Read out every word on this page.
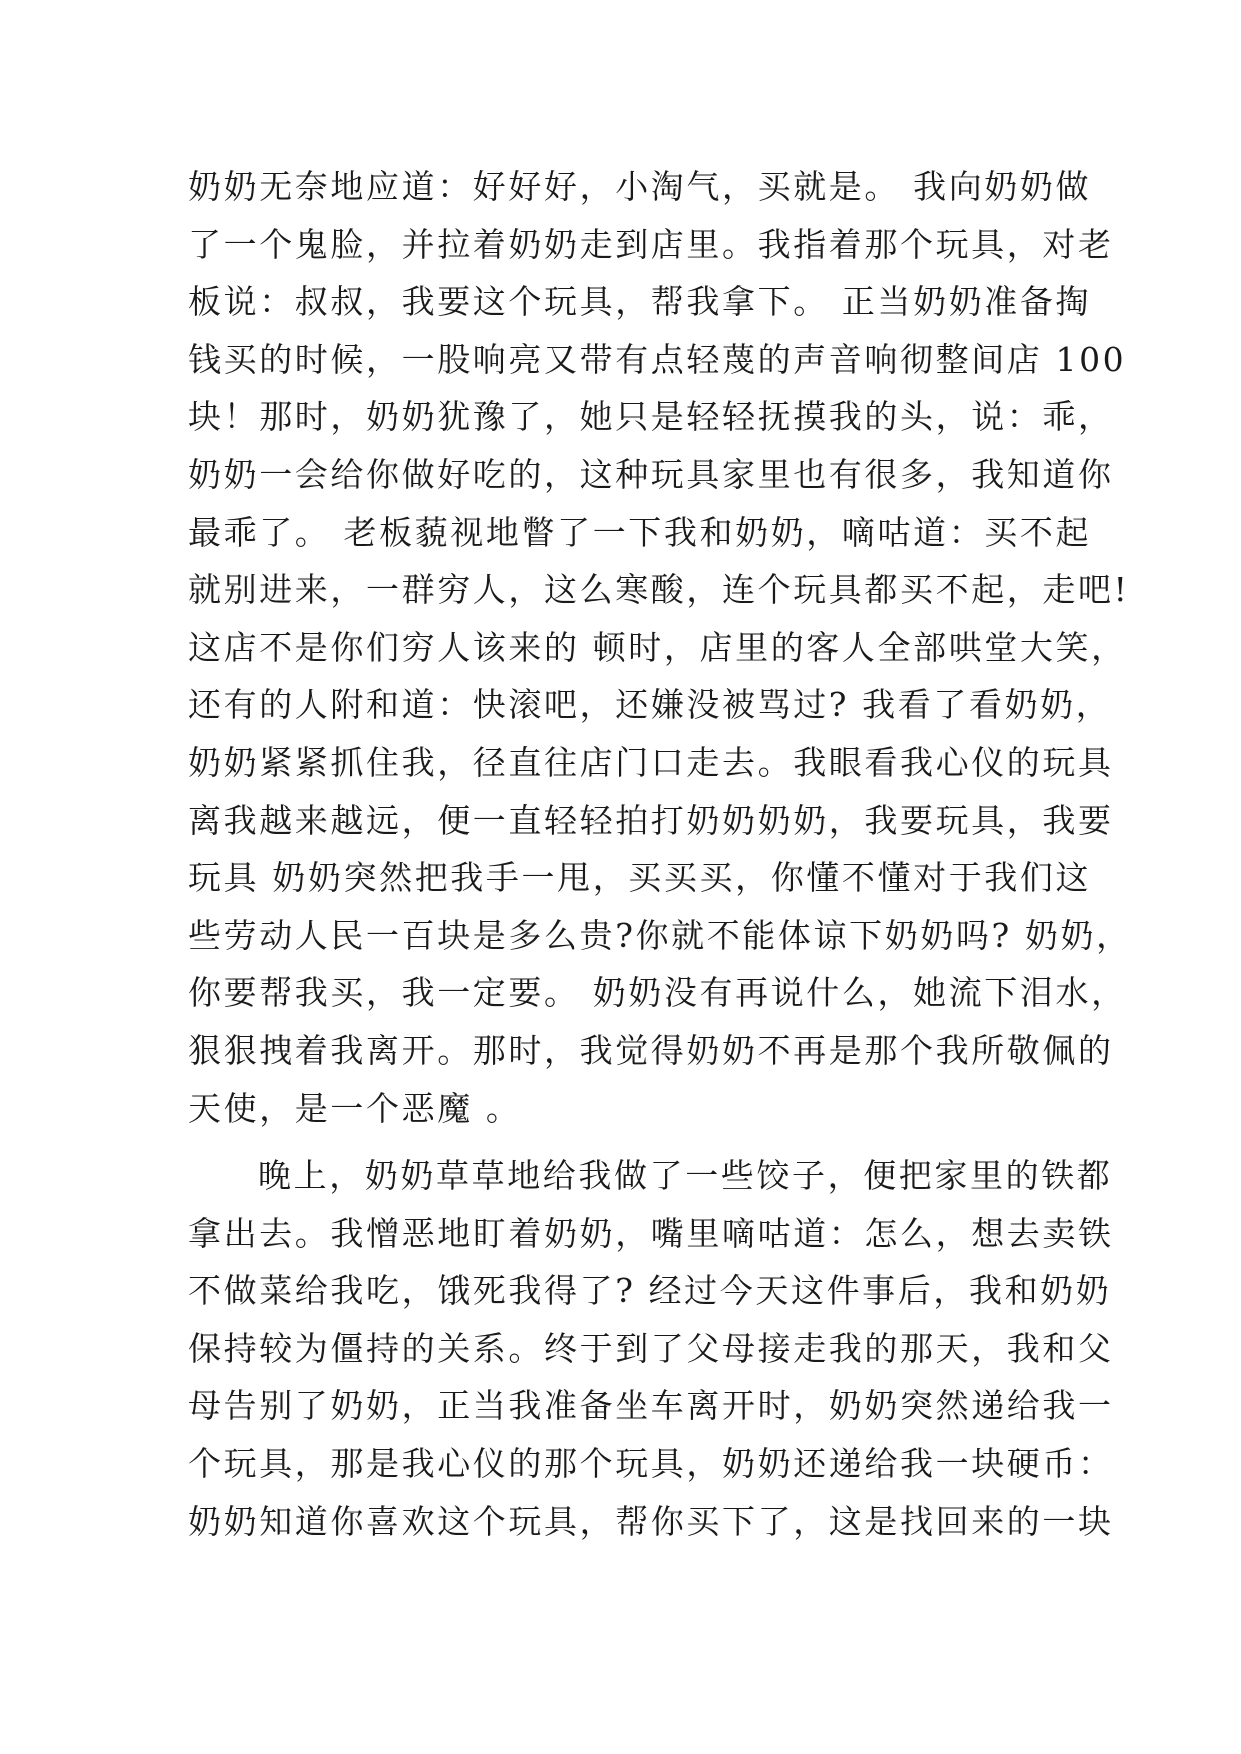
奶奶无奈地应道：好好好，小淘气，买就是。 我向奶奶做
了一个鬼脸，并拉着奶奶走到店里。我指着那个玩具，对老
板说：叔叔，我要这个玩具，帮我拿下。 正当奶奶准备掏
钱买的时候，一股响亮又带有点轻蔑的声音响彻整间店 100
块！那时，奶奶犹豫了，她只是轻轻抚摸我的头，说：乖，
奶奶一会给你做好吃的，这种玩具家里也有很多，我知道你
最乖了。 老板藐视地瞥了一下我和奶奶，嘀咕道：买不起
就别进来，一群穷人，这么寒酸，连个玩具都买不起，走吧!
这店不是你们穷人该来的 顿时，店里的客人全部哄堂大笑，
还有的人附和道：快滚吧，还嫌没被骂过? 我看了看奶奶，
奶奶紧紧抓住我，径直往店门口走去。我眼看我心仪的玩具
离我越来越远，便一直轻轻拍打奶奶奶奶，我要玩具，我要
玩具 奶奶突然把我手一甩，买买买，你懂不懂对于我们这
些劳动人民一百块是多么贵?你就不能体谅下奶奶吗? 奶奶，
你要帮我买，我一定要。 奶奶没有再说什么，她流下泪水，
狠狠拽着我离开。那时，我觉得奶奶不再是那个我所敬佩的
天使，是一个恶魔 。
晚上，奶奶草草地给我做了一些饺子，便把家里的铁都
拿出去。我憎恶地盯着奶奶，嘴里嘀咕道：怎么，想去卖铁
不做菜给我吃，饿死我得了? 经过今天这件事后，我和奶奶
保持较为僵持的关系。终于到了父母接走我的那天，我和父
母告别了奶奶，正当我准备坐车离开时，奶奶突然递给我一
个玩具，那是我心仪的那个玩具，奶奶还递给我一块硬币：
奶奶知道你喜欢这个玩具，帮你买下了，这是找回来的一块
